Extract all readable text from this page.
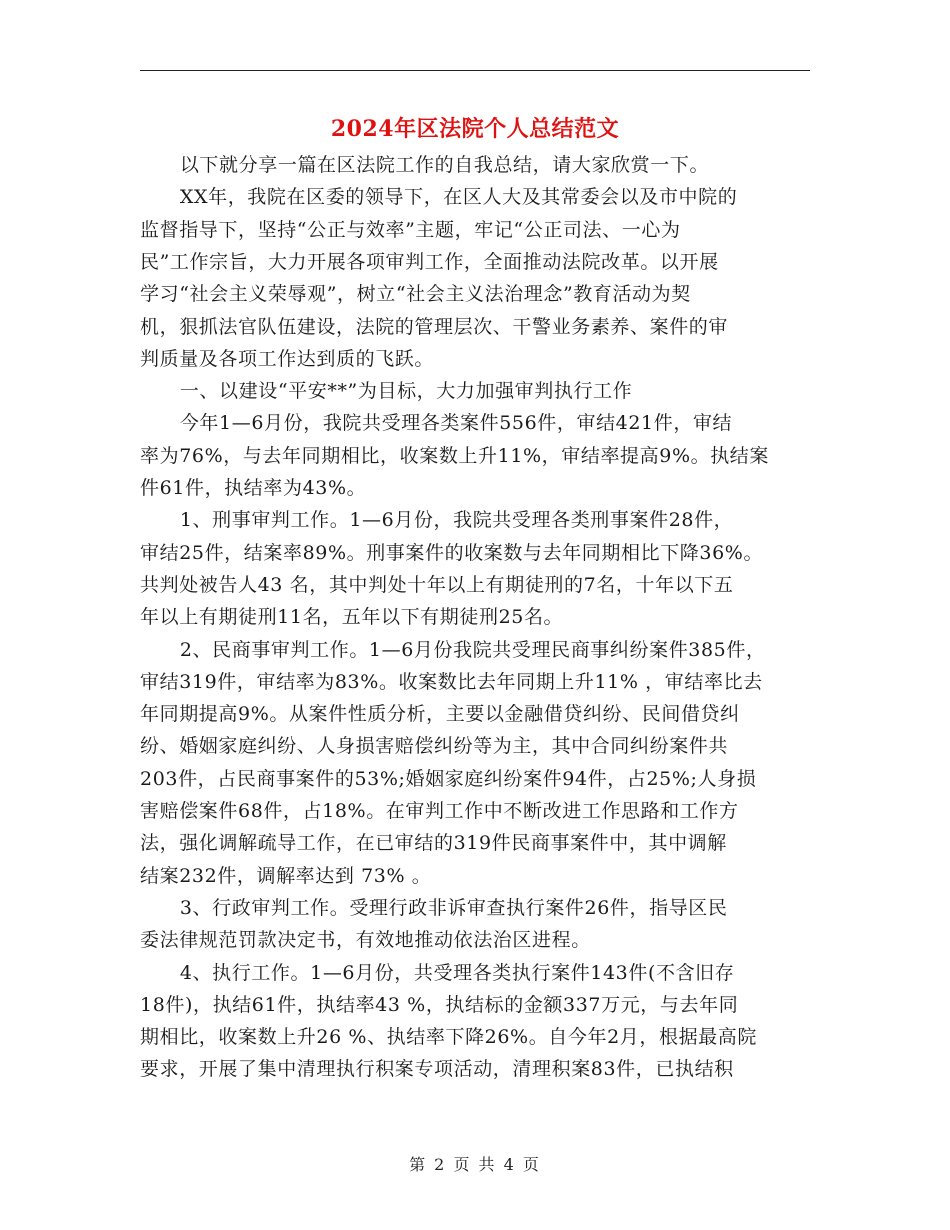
2024年区法院个人总结范文
以下就分享一篇在区法院工作的自我总结，请大家欣赏一下。
XX年，我院在区委的领导下，在区人大及其常委会以及市中院的
监督指导下，坚持“公正与效率”主题，牢记“公正司法、一心为
民”工作宗旨，大力开展各项审判工作，全面推动法院改革。以开展
学习“社会主义荣辱观”，树立“社会主义法治理念”教育活动为契
机，狠抓法官队伍建设，法院的管理层次、干警业务素养、案件的审
判质量及各项工作达到质的飞跃。
一、以建设“平安**”为目标，大力加强审判执行工作
今年1—6月份，我院共受理各类案件556件，审结421件，审结
率为76%，与去年同期相比，收案数上升11%，审结率提高9%。执结案
件61件，执结率为43%。
1、刑事审判工作。1—6月份，我院共受理各类刑事案件28件，
审结25件，结案率89%。刑事案件的收案数与去年同期相比下降36%。
共判处被告人43 名，其中判处十年以上有期徒刑的7名，十年以下五
年以上有期徒刑11名，五年以下有期徒刑25名。
2、民商事审判工作。1—6月份我院共受理民商事纠纷案件385件，
审结319件，审结率为83%。收案数比去年同期上升11% ，审结率比去
年同期提高9%。从案件性质分析，主要以金融借贷纠纷、民间借贷纠
纷、婚姻家庭纠纷、人身损害赔偿纠纷等为主，其中合同纠纷案件共
203件，占民商事案件的53%;婚姻家庭纠纷案件94件，占25%;人身损
害赔偿案件68件，占18%。在审判工作中不断改进工作思路和工作方
法，强化调解疏导工作，在已审结的319件民商事案件中，其中调解
结案232件，调解率达到 73% 。
3、行政审判工作。受理行政非诉审查执行案件26件，指导区民
委法律规范罚款决定书，有效地推动依法治区进程。
4、执行工作。1—6月份，共受理各类执行案件143件(不含旧存
18件)，执结61件，执结率43 %，执结标的金额337万元，与去年同
期相比，收案数上升26 %、执结率下降26%。自今年2月，根据最高院
要求，开展了集中清理执行积案专项活动，清理积案83件，已执结积
第 2 页 共 4 页
